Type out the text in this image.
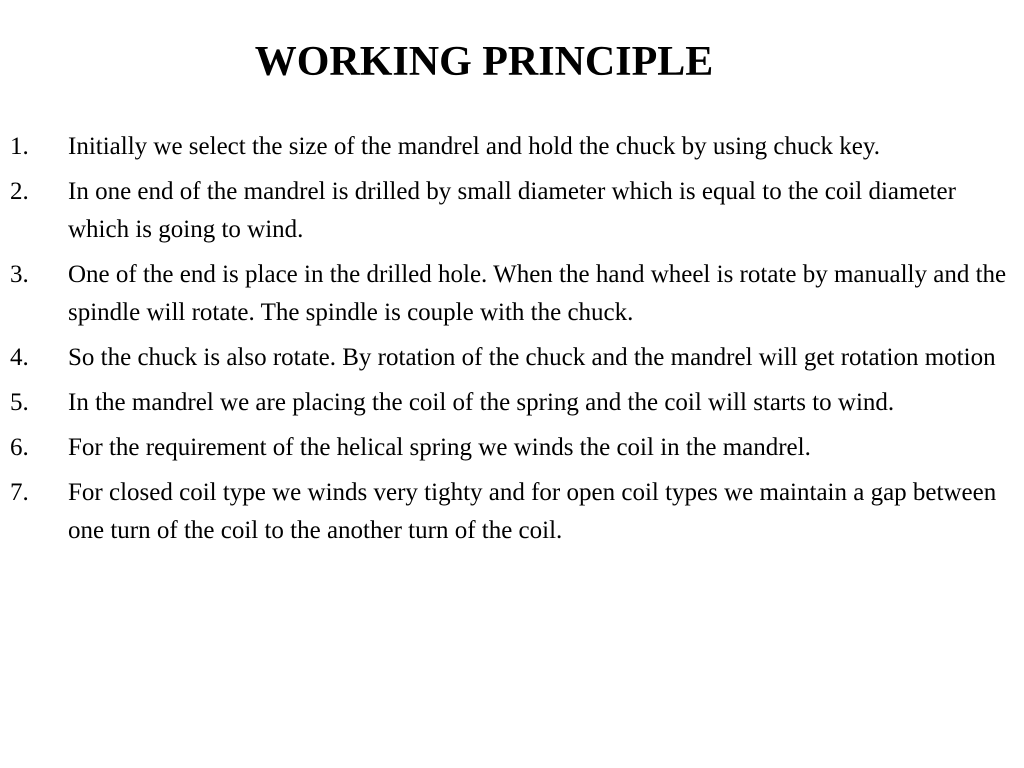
WORKING PRINCIPLE
1.	Initially we select the size of the mandrel and hold the chuck by using chuck key.
2.	In one end of the mandrel is drilled by small diameter which is equal to the coil diameter which is going to wind.
3.	One of the end is place in the drilled hole. When the hand wheel is rotate by manually and the spindle will rotate. The spindle is couple with the chuck.
4.	So the chuck is also rotate. By rotation of the chuck and the mandrel will get rotation motion
5.	In the mandrel we are placing the coil of the spring and the coil will starts to wind.
6.	For the requirement of the helical spring we winds the coil in the mandrel.
7.	For closed coil type we winds very tighty and for open coil types we maintain a gap between one turn of the coil to the another turn of the coil.
